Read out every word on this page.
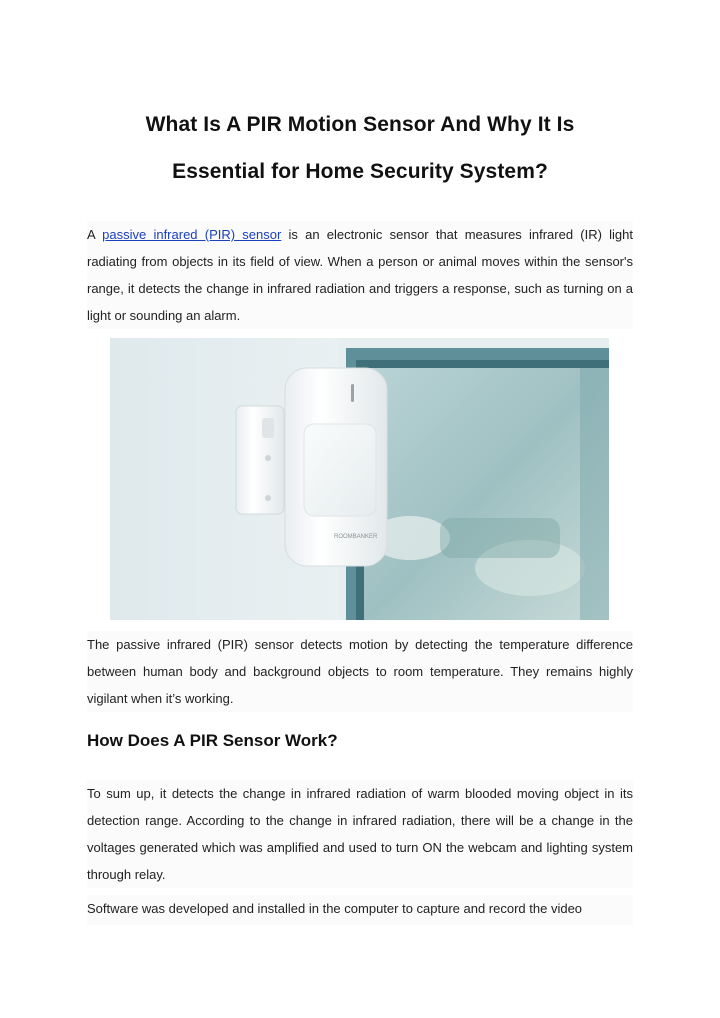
What Is A PIR Motion Sensor And Why It Is
Essential for Home Security System?
A passive infrared (PIR) sensor is an electronic sensor that measures infrared (IR) light radiating from objects in its field of view. When a person or animal moves within the sensor's range, it detects the change in infrared radiation and triggers a response, such as turning on a light or sounding an alarm.
ROOMBANKER
The passive infrared (PIR) sensor detects motion by detecting the temperature difference between human body and background objects to room temperature. They remains highly vigilant when it’s working.
How Does A PIR Sensor Work?
To sum up, it detects the change in infrared radiation of warm blooded moving object in its detection range. According to the change in infrared radiation, there will be a change in the voltages generated which was amplified and used to turn ON the webcam and lighting system through relay.
Software was developed and installed in the computer to capture and record the video
